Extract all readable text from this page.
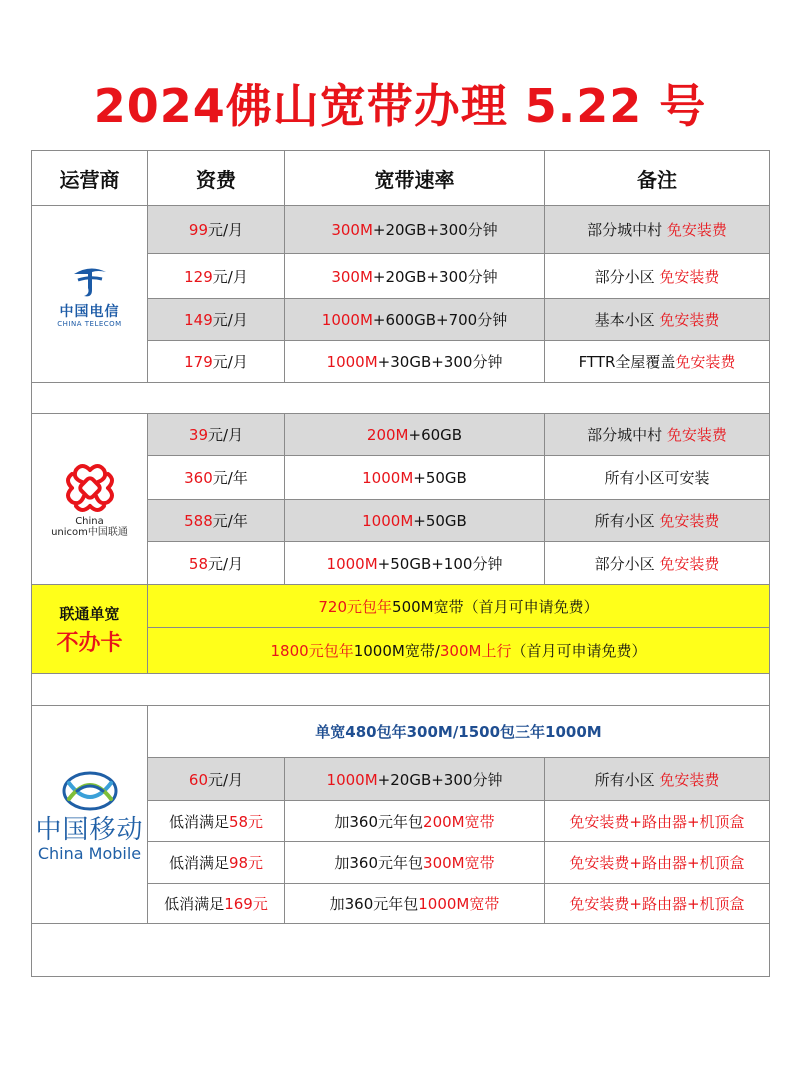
2024佛山宽带办理 5.22 号
运营商	资费	宽带速率	备注

中国电信
CHINA TELECOM	99元/月	300M+20GB+300分钟	部分城中村 免安装费
	129元/月	300M+20GB+300分钟	部分小区 免安装费
	149元/月	1000M+600GB+700分钟	基本小区 免安装费
	179元/月	1000M+30GB+300分钟	FTTR全屋覆盖免安装费

China
unicom中国联通	39元/月	200M+60GB	部分城中村 免安装费
	360元/年	1000M+50GB	所有小区可安装
	588元/年	1000M+50GB	所有小区 免安装费
	58元/月	1000M+50GB+100分钟	部分小区 免安装费

联通单宽
不办卡	720元包年500M宽带（首月可申请免费）		
	1800元包年1000M宽带/300M上行（首月可申请免费）		

中国移动
China Mobile	单宽480包年300M/1500包三年1000M		
	60元/月	1000M+20GB+300分钟	所有小区 免安装费
	低消满足58元	加360元年包200M宽带	免安装费+路由器+机顶盒
	低消满足98元	加360元年包300M宽带	免安装费+路由器+机顶盒
	低消满足169元	加360元年包1000M宽带	免安装费+路由器+机顶盒
